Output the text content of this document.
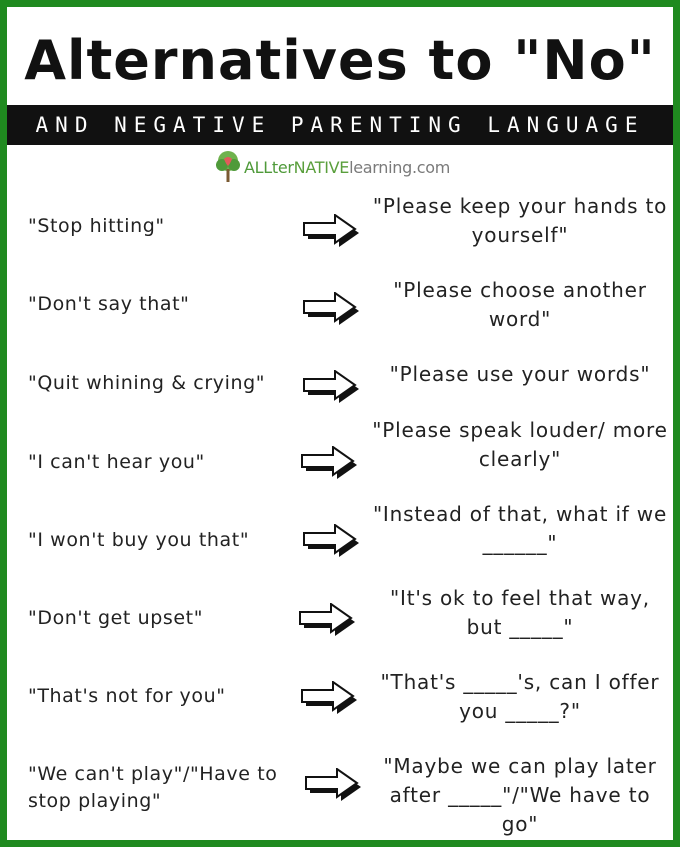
Alternatives to "No"
AND NEGATIVE PARENTING LANGUAGE
ALLterNATIVElearning.com
"Stop hitting"
"Please keep your hands to yourself"
"Don't say that"
"Please choose another word"
"Quit whining & crying"	"Please use your words"
"I can't hear you"
"Please speak louder/ more clearly"
"I won't buy you that"
"Instead of that, what if we ______"
"Don't get upset"
"It's ok to feel that way, but _____"
"That's not for you"
"That's _____'s, can I offer you _____?"
"We can't play"/"Have to stop playing"
"Maybe we can play later after _____"/"We have to go"
